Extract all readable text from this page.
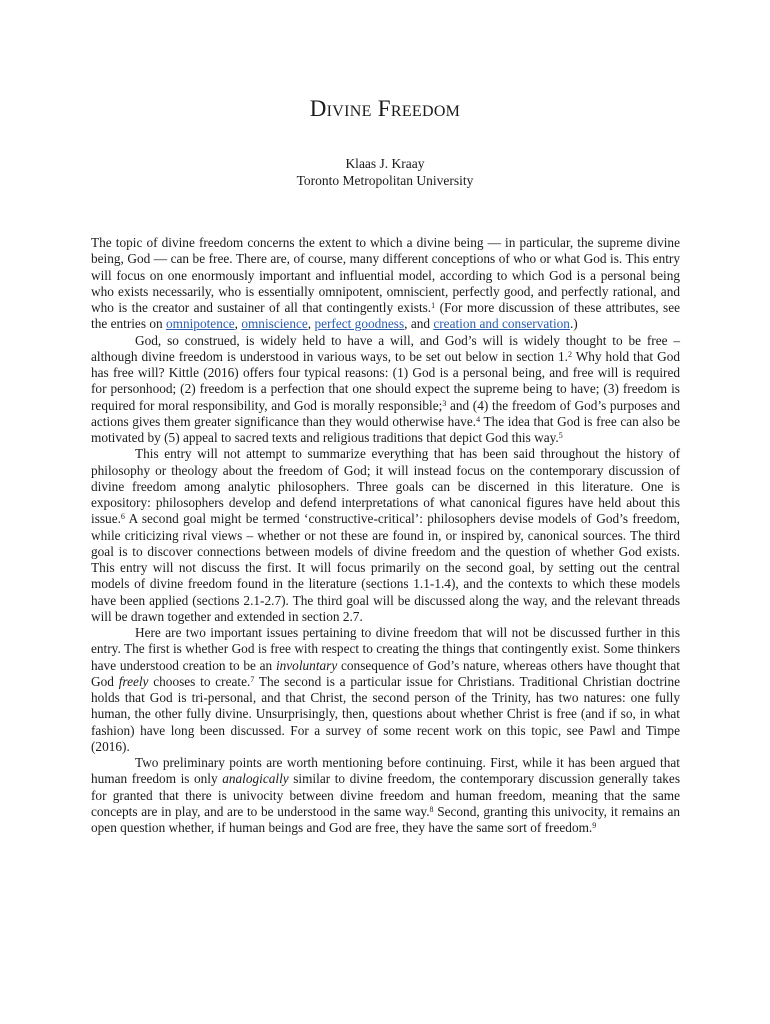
Divine Freedom
Klaas J. Kraay
Toronto Metropolitan University

The topic of divine freedom concerns the extent to which a divine being — in particular, the supreme divine being, God — can be free. There are, of course, many different conceptions of who or what God is. This entry will focus on one enormously important and influential model, according to which God is a personal being who exists necessarily, who is essentially omnipotent, omniscient, perfectly good, and perfectly rational, and who is the creator and sustainer of all that contingently exists.$^1$ (For more discussion of these attributes, see the entries on omnipotence, omniscience, perfect goodness, and creation and conservation.)

God, so construed, is widely held to have a will, and God’s will is widely thought to be free – although divine freedom is understood in various ways, to be set out below in section 1.$^2$ Why hold that God has free will? Kittle (2016) offers four typical reasons: (1) God is a personal being, and free will is required for personhood; (2) freedom is a perfection that one should expect the supreme being to have; (3) freedom is required for moral responsibility, and God is morally responsible;$^3$ and (4) the freedom of God’s purposes and actions gives them greater significance than they would otherwise have.$^4$ The idea that God is free can also be motivated by (5) appeal to sacred texts and religious traditions that depict God this way.$^5$

This entry will not attempt to summarize everything that has been said throughout the history of philosophy or theology about the freedom of God; it will instead focus on the contemporary discussion of divine freedom among analytic philosophers. Three goals can be discerned in this literature. One is expository: philosophers develop and defend interpretations of what canonical figures have held about this issue.$^6$ A second goal might be termed ‘constructive-critical’: philosophers devise models of God’s freedom, while criticizing rival views – whether or not these are found in, or inspired by, canonical sources. The third goal is to discover connections between models of divine freedom and the question of whether God exists. This entry will not discuss the first. It will focus primarily on the second goal, by setting out the central models of divine freedom found in the literature (sections 1.1-1.4), and the contexts to which these models have been applied (sections 2.1-2.7). The third goal will be discussed along the way, and the relevant threads will be drawn together and extended in section 2.7.

Here are two important issues pertaining to divine freedom that will not be discussed further in this entry. The first is whether God is free with respect to creating the things that contingently exist. Some thinkers have understood creation to be an involuntary consequence of God’s nature, whereas others have thought that God freely chooses to create.$^7$ The second is a particular issue for Christians. Traditional Christian doctrine holds that God is tri-personal, and that Christ, the second person of the Trinity, has two natures: one fully human, the other fully divine. Unsurprisingly, then, questions about whether Christ is free (and if so, in what fashion) have long been discussed. For a survey of some recent work on this topic, see Pawl and Timpe (2016).

Two preliminary points are worth mentioning before continuing. First, while it has been argued that human freedom is only analogically similar to divine freedom, the contemporary discussion generally takes for granted that there is univocity between divine freedom and human freedom, meaning that the same concepts are in play, and are to be understood in the same way.$^8$ Second, granting this univocity, it remains an open question whether, if human beings and God are free, they have the same sort of freedom.$^9$
